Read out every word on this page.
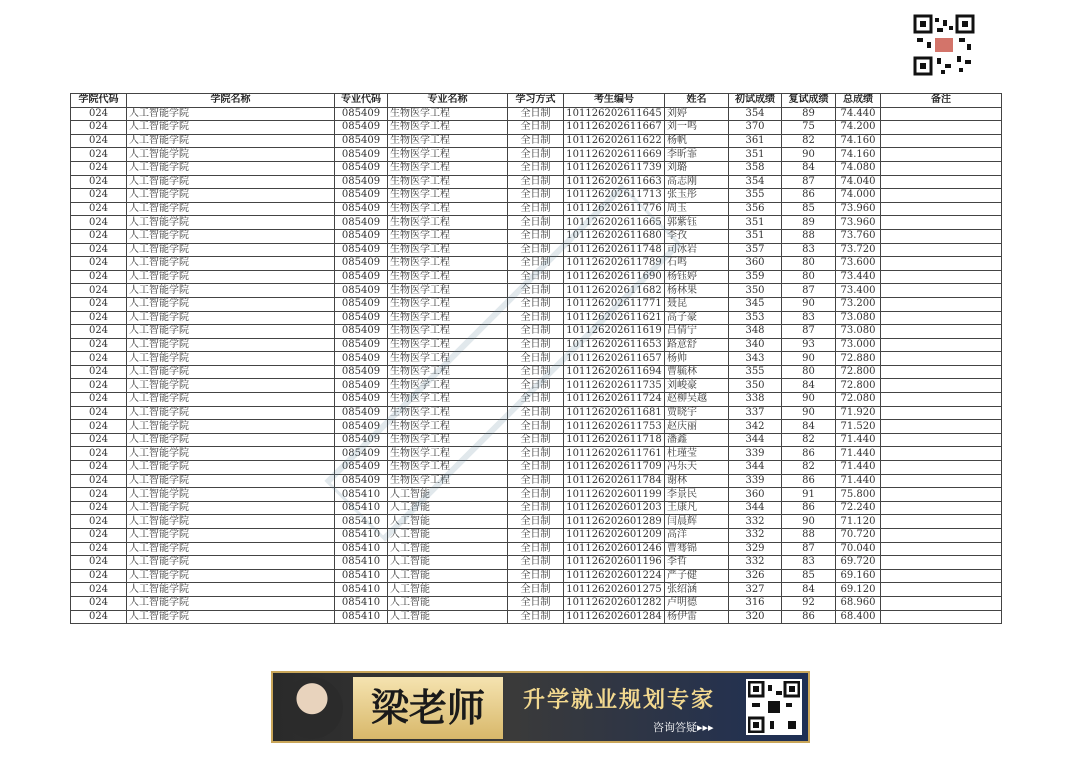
学院代码	学院名称	专业代码	专业名称	学习方式	考生编号	姓名	初试成绩	复试成绩	总成绩	备注
024	人工智能学院	085409	生物医学工程	全日制	101126202611645	刘婷	354	89	74.440	
024	人工智能学院	085409	生物医学工程	全日制	101126202611667	刘一鸣	370	75	74.200	
024	人工智能学院	085409	生物医学工程	全日制	101126202611622	杨帆	361	82	74.160	
024	人工智能学院	085409	生物医学工程	全日制	101126202611669	李昕霏	351	90	74.160	
024	人工智能学院	085409	生物医学工程	全日制	101126202611739	刘璐	358	84	74.080	
024	人工智能学院	085409	生物医学工程	全日制	101126202611663	高志刚	354	87	74.040	
024	人工智能学院	085409	生物医学工程	全日制	101126202611713	张玉彤	355	86	74.000	
024	人工智能学院	085409	生物医学工程	全日制	101126202611776	周玉	356	85	73.960	
024	人工智能学院	085409	生物医学工程	全日制	101126202611665	郭紫钰	351	89	73.960	
024	人工智能学院	085409	生物医学工程	全日制	101126202611680	李孜	351	88	73.760	
024	人工智能学院	085409	生物医学工程	全日制	101126202611748	司冰岩	357	83	73.720	
024	人工智能学院	085409	生物医学工程	全日制	101126202611789	石鸣	360	80	73.600	
024	人工智能学院	085409	生物医学工程	全日制	101126202611690	杨钰婷	359	80	73.440	
024	人工智能学院	085409	生物医学工程	全日制	101126202611682	杨林果	350	87	73.400	
024	人工智能学院	085409	生物医学工程	全日制	101126202611771	聂昆	345	90	73.200	
024	人工智能学院	085409	生物医学工程	全日制	101126202611621	高子豪	353	83	73.080	
024	人工智能学院	085409	生物医学工程	全日制	101126202611619	吕倩宁	348	87	73.080	
024	人工智能学院	085409	生物医学工程	全日制	101126202611653	路意舒	340	93	73.000	
024	人工智能学院	085409	生物医学工程	全日制	101126202611657	杨帅	343	90	72.880	
024	人工智能学院	085409	生物医学工程	全日制	101126202611694	曹毓林	355	80	72.800	
024	人工智能学院	085409	生物医学工程	全日制	101126202611735	刘峻豪	350	84	72.800	
024	人工智能学院	085409	生物医学工程	全日制	101126202611724	赵柳吴越	338	90	72.080	
024	人工智能学院	085409	生物医学工程	全日制	101126202611681	贾晓宇	337	90	71.920	
024	人工智能学院	085409	生物医学工程	全日制	101126202611753	赵庆丽	342	84	71.520	
024	人工智能学院	085409	生物医学工程	全日制	101126202611718	潘鑫	344	82	71.440	
024	人工智能学院	085409	生物医学工程	全日制	101126202611761	杜瑾莹	339	86	71.440	
024	人工智能学院	085409	生物医学工程	全日制	101126202611709	冯乐天	344	82	71.440	
024	人工智能学院	085409	生物医学工程	全日制	101126202611784	谢林	339	86	71.440	
024	人工智能学院	085410	人工智能	全日制	101126202601199	李景民	360	91	75.800	
024	人工智能学院	085410	人工智能	全日制	101126202601203	王康凡	344	86	72.240	
024	人工智能学院	085410	人工智能	全日制	101126202601289	闫晨辉	332	90	71.120	
024	人工智能学院	085410	人工智能	全日制	101126202601209	高洋	332	88	70.720	
024	人工智能学院	085410	人工智能	全日制	101126202601246	曹骞锦	329	87	70.040	
024	人工智能学院	085410	人工智能	全日制	101126202601196	李哲	332	83	69.720	
024	人工智能学院	085410	人工智能	全日制	101126202601224	严子健	326	85	69.160	
024	人工智能学院	085410	人工智能	全日制	101126202601275	张绍涵	327	84	69.120	
024	人工智能学院	085410	人工智能	全日制	101126202601282	卢明德	316	92	68.960	
024	人工智能学院	085410	人工智能	全日制	101126202601284	杨伊雷	320	86	68.400	
梁老师	升学就业规划专家
咨询答疑▸▸▸
